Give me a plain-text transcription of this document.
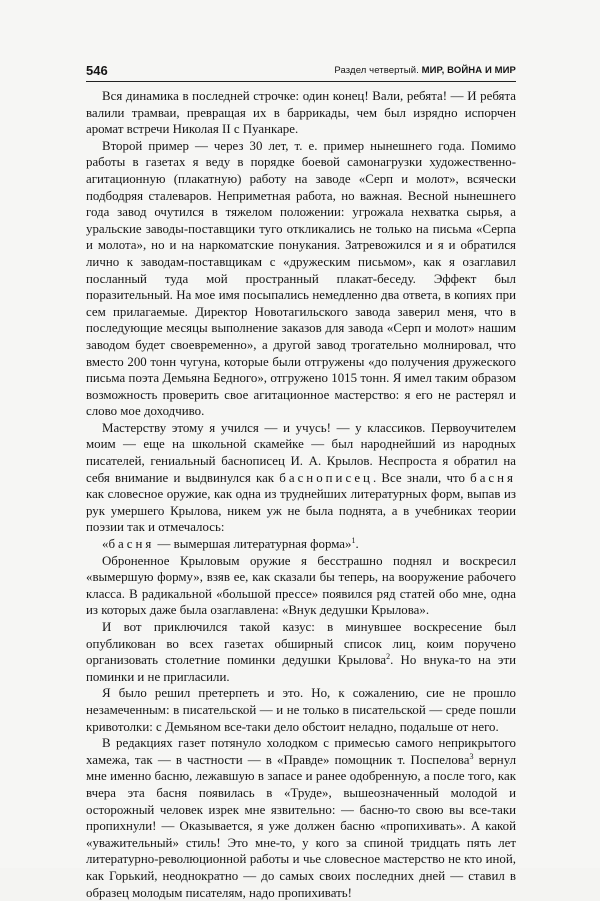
546	Раздел четвертый. МИР, ВОЙНА И МИР

Вся динамика в последней строчке: один конец! Вали, ребята! — И ребята валили трамваи, превращая их в баррикады, чем был изрядно испорчен аромат встречи Николая II с Пуанкаре.

Второй пример — через 30 лет, т. е. пример нынешнего года. Помимо работы в газетах я веду в порядке боевой самонагрузки художественно-агитационную (плакатную) работу на заводе «Серп и молот», всячески подбодряя сталеваров. Неприметная работа, но важная. Весной нынешнего года завод очутился в тяжелом положении: угрожала нехватка сырья, а уральские заводы-поставщики туго откликались не только на письма «Серпа и молота», но и на наркоматские понукания. Затревожился и я и обратился лично к заводам-поставщикам с «дружеским письмом», как я озаглавил посланный туда мой пространный плакат-беседу. Эффект был поразительный. На мое имя посыпались немедленно два ответа, в копиях при сем прилагаемые. Директор Новотагильского завода заверил меня, что в последующие месяцы выполнение заказов для завода «Серп и молот» нашим заводом будет своевременно», а другой завод трогательно молнировал, что вместо 200 тонн чугуна, которые были отгружены «до получения дружеского письма поэта Демьяна Бедного», отгружено 1015 тонн. Я имел таким образом возможность проверить свое агитационное мастерство: я его не растерял и слово мое доходчиво.

Мастерству этому я учился — и учусь! — у классиков. Первоучителем моим — еще на школьной скамейке — был народнейший из народных писателей, гениальный баснописец И. А. Крылов. Неспроста я обратил на себя внимание и выдвинулся как баснописец. Все знали, что басня как словесное оружие, как одна из труднейших литературных форм, выпав из рук умершего Крылова, никем уж не была поднята, а в учебниках теории поэзии так и отмечалось:

«басня — вымершая литературная форма»$^1$.

Оброненное Крыловым оружие я бесстрашно поднял и воскресил «вымершую форму», взяв ее, как сказали бы теперь, на вооружение рабочего класса. В радикальной «большой прессе» появился ряд статей обо мне, одна из которых даже была озаглавлена: «Внук дедушки Крылова».

И вот приключился такой казус: в минувшее воскресение был опубликован во всех газетах обширный список лиц, коим поручено организовать столетние поминки дедушки Крылова$^2$. Но внука-то на эти поминки и не пригласили.

Я было решил претерпеть и это. Но, к сожалению, сие не прошло незамеченным: в писательской — и не только в писательской — среде пошли кривотолки: с Демьяном все-таки дело обстоит неладно, подальше от него.

В редакциях газет потянуло холодком с примесью самого неприкрытого хамежа, так — в частности — в «Правде» помощник т. Поспелова$^3$ вернул мне именно басню, лежавшую в запасе и ранее одобренную, а после того, как вчера эта басня появилась в «Труде», вышеозначенный молодой и осторожный человек изрек мне язвительно: — басню-то свою вы все-таки пропихнули! — Оказывается, я уже должен басню «пропихивать». А какой «уважительный» стиль! Это мне-то, у кого за спиной тридцать пять лет литературно-революционной работы и чье словесное мастерство не кто иной, как Горький, неоднократно — до самых своих последних дней — ставил в образец молодым писателям, надо пропихивать!
